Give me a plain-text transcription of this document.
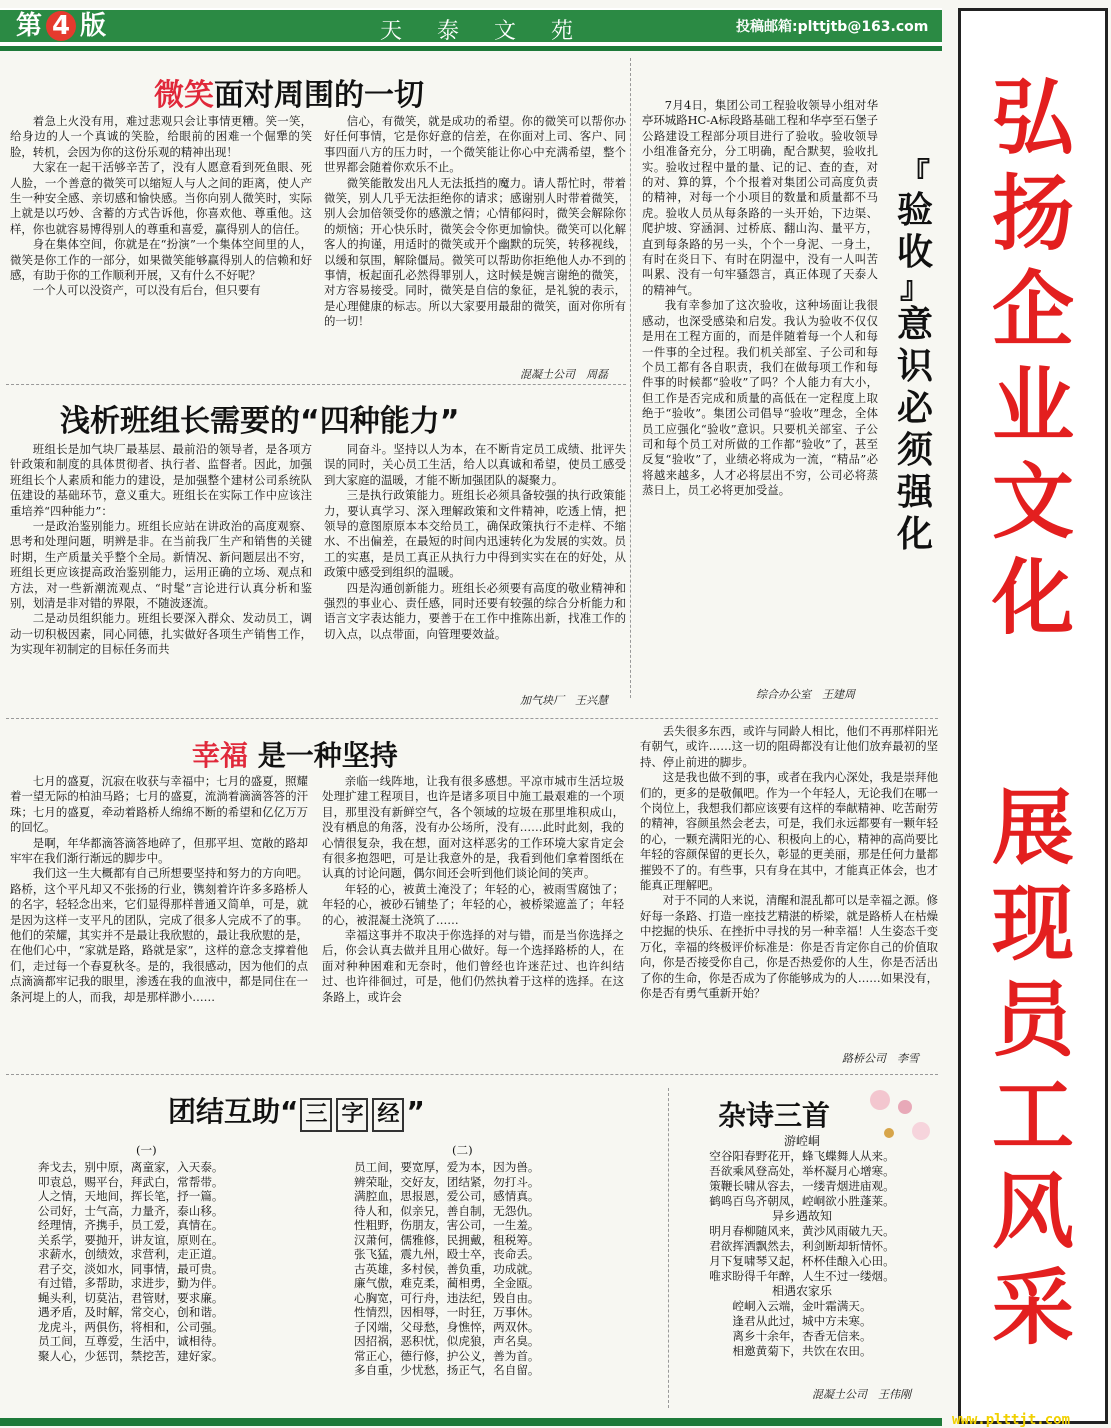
第 4 版	天 泰 文 苑	投稿邮箱:plttjtb@163.com
弘扬企业文化
展现员工风采
微笑面对周围的一切

着急上火没有用，难过悲观只会让事情更糟。笑一笑，给身边的人一个真诚的笑脸，给眼前的困难一个倔犟的笑脸，转机，会因为你的这份乐观的精神出现！

大家在一起干活够辛苦了，没有人愿意看到死鱼眼、死人脸，一个善意的微笑可以缩短人与人之间的距离，使人产生一种安全感、亲切感和愉快感。当你向别人微笑时，实际上就是以巧妙、含蓄的方式告诉他，你喜欢他、尊重他。这样，你也就容易博得别人的尊重和喜爱，赢得别人的信任。

身在集体空间，你就是在“扮演”一个集体空间里的人，微笑是你工作的一部分，如果微笑能够赢得别人的信赖和好感，有助于你的工作顺利开展，又有什么不好呢？

一个人可以没资产，可以没有后台，但只要有

信心，有微笑，就是成功的希望。你的微笑可以帮你办好任何事情，它是你好意的信差，在你面对上司、客户、同事四面八方的压力时，一个微笑能让你心中充满希望，整个世界都会随着你欢乐不止。

微笑能散发出凡人无法抵挡的魔力。请人帮忙时，带着微笑，别人几乎无法拒绝你的请求；感谢别人时带着微笑，别人会加倍领受你的感激之情；心情郁闷时，微笑会解除你的烦恼；开心快乐时，微笑会令你更加愉快。微笑可以化解客人的拘谨，用适时的微笑或开个幽默的玩笑，转移视线，以缓和氛围，解除僵局。微笑可以帮助你拒绝他人办不到的事情，板起面孔必然得罪别人，这时候是婉言谢绝的微笑，对方容易接受。同时，微笑是自信的象征，是礼貌的表示，是心理健康的标志。所以大家要用最甜的微笑，面对你所有的一切！

混凝土公司　周磊
浅析班组长需要的“四种能力”

班组长是加气块厂最基层、最前沿的领导者，是各项方针政策和制度的具体贯彻者、执行者、监督者。因此，加强班组长个人素质和能力的建设，是加强整个建材公司系统队伍建设的基础环节，意义重大。班组长在实际工作中应该注重培养“四种能力”：

一是政治鉴别能力。班组长应站在讲政治的高度观察、思考和处理问题，明辨是非。在当前我厂生产和销售的关键时期，生产质量关乎整个全局。新情况、新问题层出不穷，班组长更应该提高政治鉴别能力，运用正确的立场、观点和方法，对一些新潮流观点、“时髦”言论进行认真分析和鉴别，划清是非对错的界限，不随波逐流。

二是动员组织能力。班组长要深入群众、发动员工，调动一切积极因素，同心同德，扎实做好各项生产销售工作，为实现年初制定的目标任务而共

同奋斗。坚持以人为本，在不断肯定员工成绩、批评失误的同时，关心员工生活，给人以真诚和希望，使员工感受到大家庭的温暖，才能不断加强团队的凝聚力。

三是执行政策能力。班组长必须具备较强的执行政策能力，要认真学习、深入理解政策和文件精神，吃透上情，把领导的意图原原本本交给员工，确保政策执行不走样、不缩水、不出偏差，在最短的时间内迅速转化为发展的实效。员工的实惠，是员工真正从执行力中得到实实在在的好处，从政策中感受到组织的温暖。

四是沟通创新能力。班组长必须要有高度的敬业精神和强烈的事业心、责任感，同时还要有较强的综合分析能力和语言文字表达能力，要善于在工作中推陈出新，找准工作的切入点，以点带面，向管理要效益。

加气块厂　王兴慧
『
验
收
』
意
识
必
须
强
化

7月4日，集团公司工程验收领导小组对华亭环城路HC-A标段路基础工程和华亭至石堡子公路建设工程部分项目进行了验收。验收领导小组准备充分，分工明确，配合默契，验收扎实。验收过程中量的量、记的记、查的查，对的对、算的算，个个报着对集团公司高度负责的精神，对每一个小项目的数量和质量都不马虎。验收人员从每条路的一头开始，下边渠、爬护坡、穿涵洞、过桥底、翻山沟、量平方，直到每条路的另一头，个个一身泥、一身土，有时在炎日下、有时在阴湿中，没有一人叫苦叫累、没有一句牢骚怨言，真正体现了天泰人的精神气。

我有幸参加了这次验收，这种场面让我很感动，也深受感染和启发。我认为验收不仅仅是用在工程方面的，而是伴随着每一个人和每一件事的全过程。我们机关部室、子公司和每个员工都有各自职责，我们在做每项工作和每件事的时候都“验收”了吗？个人能力有大小，但工作是否完成和质量的高低在一定程度上取绝于“验收”。集团公司倡导“验收”理念，全体员工应强化“验收”意识。只要机关部室、子公司和每个员工对所做的工作都“验收”了，甚至反复“验收”了，业绩必将成为一流，“精品”必将越来越多，人才必将层出不穷，公司必将蒸蒸日上，员工必将更加受益。

综合办公室　王建周
幸福 是一种坚持

七月的盛夏，沉寂在收获与幸福中；七月的盛夏，照耀着一望无际的柏油马路；七月的盛夏，流淌着滴滴答答的汗珠；七月的盛夏，牵动着路桥人绵绵不断的希望和亿亿万万的回忆。

是啊，年华都滴答滴答地碎了，但那平坦、宽敞的路却牢牢在我们渐行渐远的脚步中。

我们这一生大概都有自己所想要坚持和努力的方向吧。路桥，这个平凡却又不张扬的行业，镌刻着许许多多路桥人的名字，轻轻念出来，它们显得那样普通又简单，可是，就是因为这样一支平凡的团队，完成了很多人完成不了的事。他们的荣耀，其实并不是最让我欣慰的，最让我欣慰的是，在他们心中，“家就是路，路就是家”，这样的意念支撑着他们，走过每一个春夏秋冬。是的，我很感动，因为他们的点点滴滴都牢记我的眼里，渗透在我的血液中，都是同住在一条河堤上的人，而我，却是那样渺小……

亲临一线阵地，让我有很多感想。平凉市城市生活垃圾处理扩建工程项目，也许是诸多项目中施工最艰难的一个项目，那里没有新鲜空气，各个领域的垃圾在那里堆积成山，没有栖息的角落，没有办公场所，没有……此时此刻，我的心情很复杂，我在想，面对这样恶劣的工作环境大家肯定会有很多抱怨吧，可是让我意外的是，我看到他们拿着图纸在认真的讨论问题，偶尔间还会听到他们谈论间的笑声。

年轻的心，被黄土淹没了；年轻的心，被雨雪腐蚀了；年轻的心，被砂石铺垫了；年轻的心，被桥梁遮盖了；年轻的心，被混凝土浇筑了……

幸福这事并不取决于你选择的对与错，而是当你选择之后，你会认真去做并且用心做好。每一个选择路桥的人，在面对种种困难和无奈时，他们曾经也许迷茫过、也许纠结过、也许徘徊过，可是，他们仍然执着于这样的选择。在这条路上，或许会

丢失很多东西，或许与同龄人相比，他们不再那样阳光有朝气，或许……这一切的阻碍都没有让他们放弃最初的坚持、停止前进的脚步。

这是我也做不到的事，或者在我内心深处，我是崇拜他们的，更多的是敬佩吧。作为一个年轻人，无论我们在哪一个岗位上，我想我们都应该要有这样的奉献精神、吃苦耐劳的精神，容颜虽然会老去，可是，我们永远都要有一颗年轻的心，一颗充满阳光的心、积极向上的心，精神的高尚要比年轻的容颜保留的更长久，彰显的更美丽，那是任何力量都摧毁不了的。有些事，只有身在其中，才能真正体会，也才能真正理解吧。

对于不同的人来说，清醒和混乱都可以是幸福之源。修好每一条路、打造一座技艺精湛的桥梁，就是路桥人在枯燥中挖掘的快乐、在挫折中寻找的另一种幸福！人生姿态千变万化，幸福的终极评价标准是：你是否肯定你自己的价值取向，你是否接受你自己，你是否热爱你的人生，你是否活出了你的生命，你是否成为了你能够成为的人……如果没有，你是否有勇气重新开始？

路桥公司　李雪
团结互助“ 三 字 经 ”
(一)	(二)
奔戈去，别中原，离童家，入天泰。
叩袁总，赐平台，拜武白，常帮带。
人之情，天地间，挥长笔，抒一篇。
公司好，士气高，力量齐，泰山移。
经理情，齐携手，员工爱，真情在。
关系学，要抛开，讲友谊，原则在。
求薪水，创绩效，求营利，走正道。
君子交，淡如水，同事情，最可贵。
有过错，多帮助，求进步，勤为伴。
蝇头利，切莫沾，君管财，要求廉。
遇矛盾，及时解，常交心，创和谐。
龙虎斗，两俱伤，将相和，公司强。
员工间，互尊爱，生活中，诚相待。
聚人心，少惩罚，禁挖苦，建好家。
员工间，要宽厚，爱为本，因为兽。
辨荣耻，交好友，团结紧，勿打斗。
满腔血，思报恩，爱公司，感情真。
待人和，似亲兄，善自制，无怨仇。
性粗野，伤朋友，害公司，一生羞。
汉萧何，儒雅修，民拥戴，租税筹。
张飞猛，震九州，殴士卒，丧命丢。
古英雄，多村侯，善负重，功成就。
廉气傲，难克柔，蔺相勇，全金瓯。
心胸宽，可行舟，违法纪，毁自由。
性情烈，因相辱，一时狂，万事休。
子冈端，父母愁，身憔悴，两双休。
因招祸，恶积忧，似虎狼，声名臭。
常正心，德行修，护公义，善为首。
多自重，少忧愁，扬正气，名自留。
杂诗三首
游崆峒
空谷阳春野花开，蜂飞蝶舞人从来。
吾欲乘风登高处，举杯凝月心增寒。
策鞭长啸从容去，一缕青烟进庙观。
鹤鸣百鸟齐朝凤，崆峒欲小胜蓬莱。
异乡遇故知
明月春柳随风来，黄沙风雨破九天。
君欲挥洒飘然去，利剑断却斩情怀。
月下复啸琴又起，杯杯佳酿入心田。
唯求盼得千年醉，人生不过一缕烟。
相遇农家乐
崆峒入云端，金叶霜满天。
逢君从此过，城中方未寒。
离乡十余年，杏香无信来。
相邀黄菊下，共饮在农田。
混凝土公司　王伟刚
www.plttjt.com
